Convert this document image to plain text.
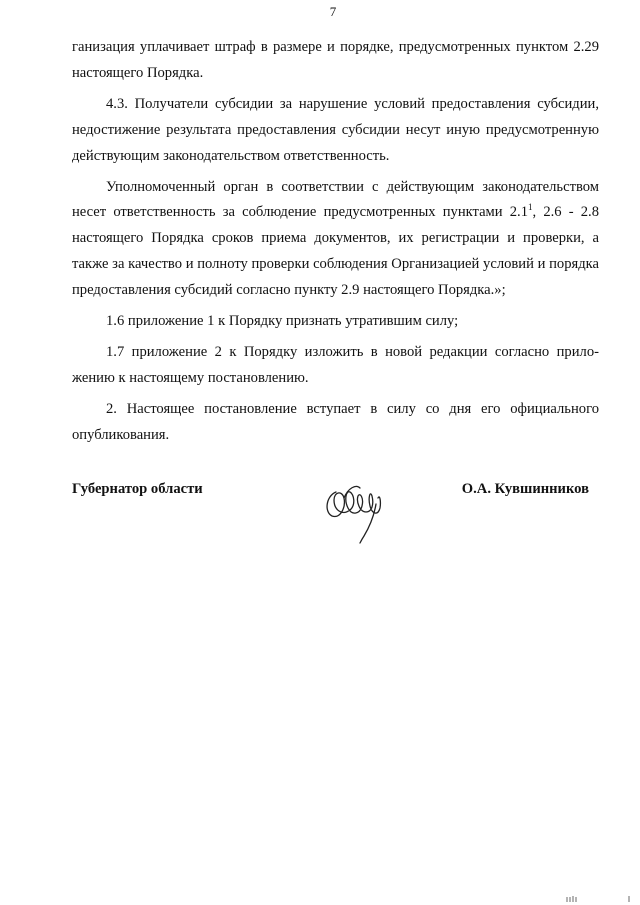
7

ганизация уплачивает штраф в размере и порядке, предусмотренных пунктом 2.29 настоящего Порядка.

4.3. Получатели субсидии за нарушение условий предоставления субсидии, недостижение результата предоставления субсидии несут иную предусмотренную действующим законодательством ответственность.

Уполномоченный орган в соответствии с действующим законодательством несет ответственность за соблюдение предусмотренных пунктами $2.1^1$, 2.6 - 2.8 настоящего Порядка сроков приема документов, их регистрации и проверки, а также за качество и полноту проверки соблюдения Организацией условий и порядка предоставления субсидий согласно пункту 2.9 настоящего Порядка.»;

1.6 приложение 1 к Порядку признать утратившим силу;

1.7 приложение 2 к Порядку изложить в новой редакции согласно приложению к настоящему постановлению.

2. Настоящее постановление вступает в силу со дня его официального опубликования.

Губернатор области	О.А. Кувшинников
